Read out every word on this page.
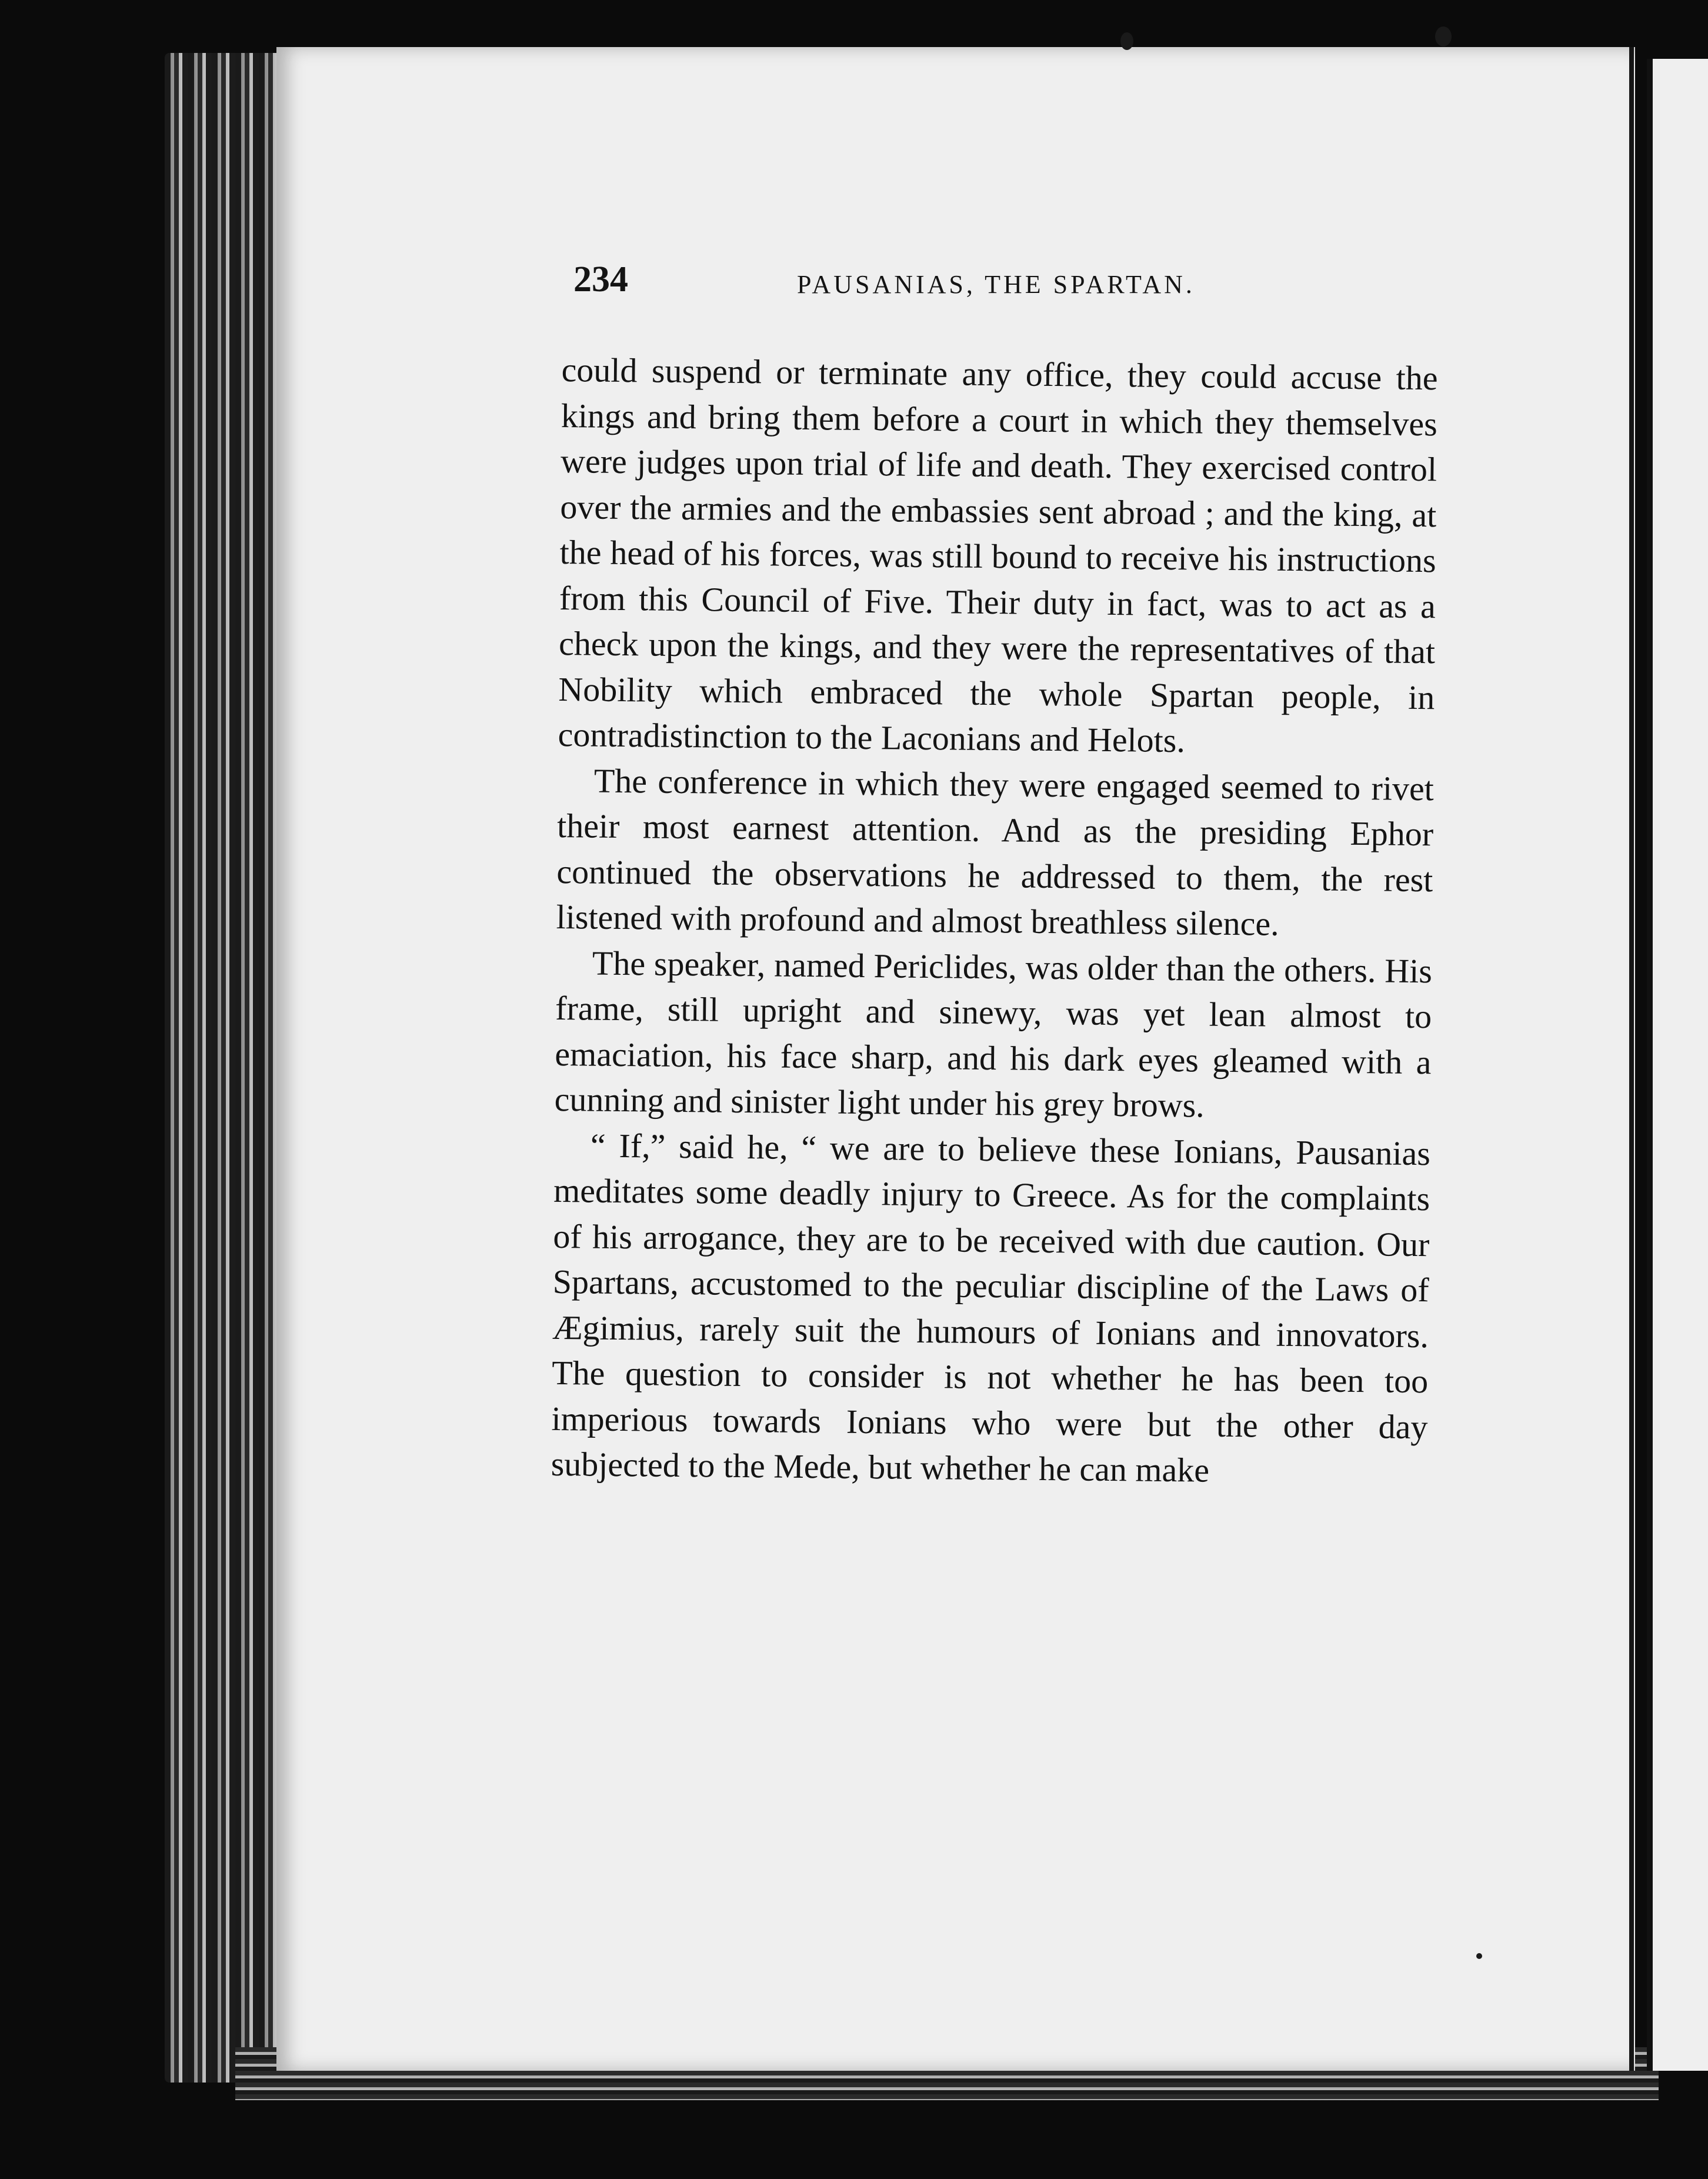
234	PAUSANIAS, THE SPARTAN.

could suspend or terminate any office, they could accuse the kings and bring them before a court in which they themselves were judges upon trial of life and death. They exercised control over the armies and the embassies sent abroad ; and the king, at the head of his forces, was still bound to receive his instructions from this Council of Five. Their duty in fact, was to act as a check upon the kings, and they were the representatives of that Nobility which embraced the whole Spartan people, in contradistinction to the Laconians and Helots.

The conference in which they were engaged seemed to rivet their most earnest attention. And as the presiding Ephor continued the observations he addressed to them, the rest listened with profound and almost breathless silence.

The speaker, named Periclides, was older than the others. His frame, still upright and sinewy, was yet lean almost to emaciation, his face sharp, and his dark eyes gleamed with a cunning and sinister light under his grey brows.

“ If,” said he, “ we are to believe these Ionians, Pausanias meditates some deadly injury to Greece. As for the complaints of his arrogance, they are to be received with due caution. Our Spartans, accustomed to the peculiar discipline of the Laws of Ægimius, rarely suit the humours of Ionians and innovators. The question to consider is not whether he has been too imperious towards Ionians who were but the other day subjected to the Mede, but whether he can make
